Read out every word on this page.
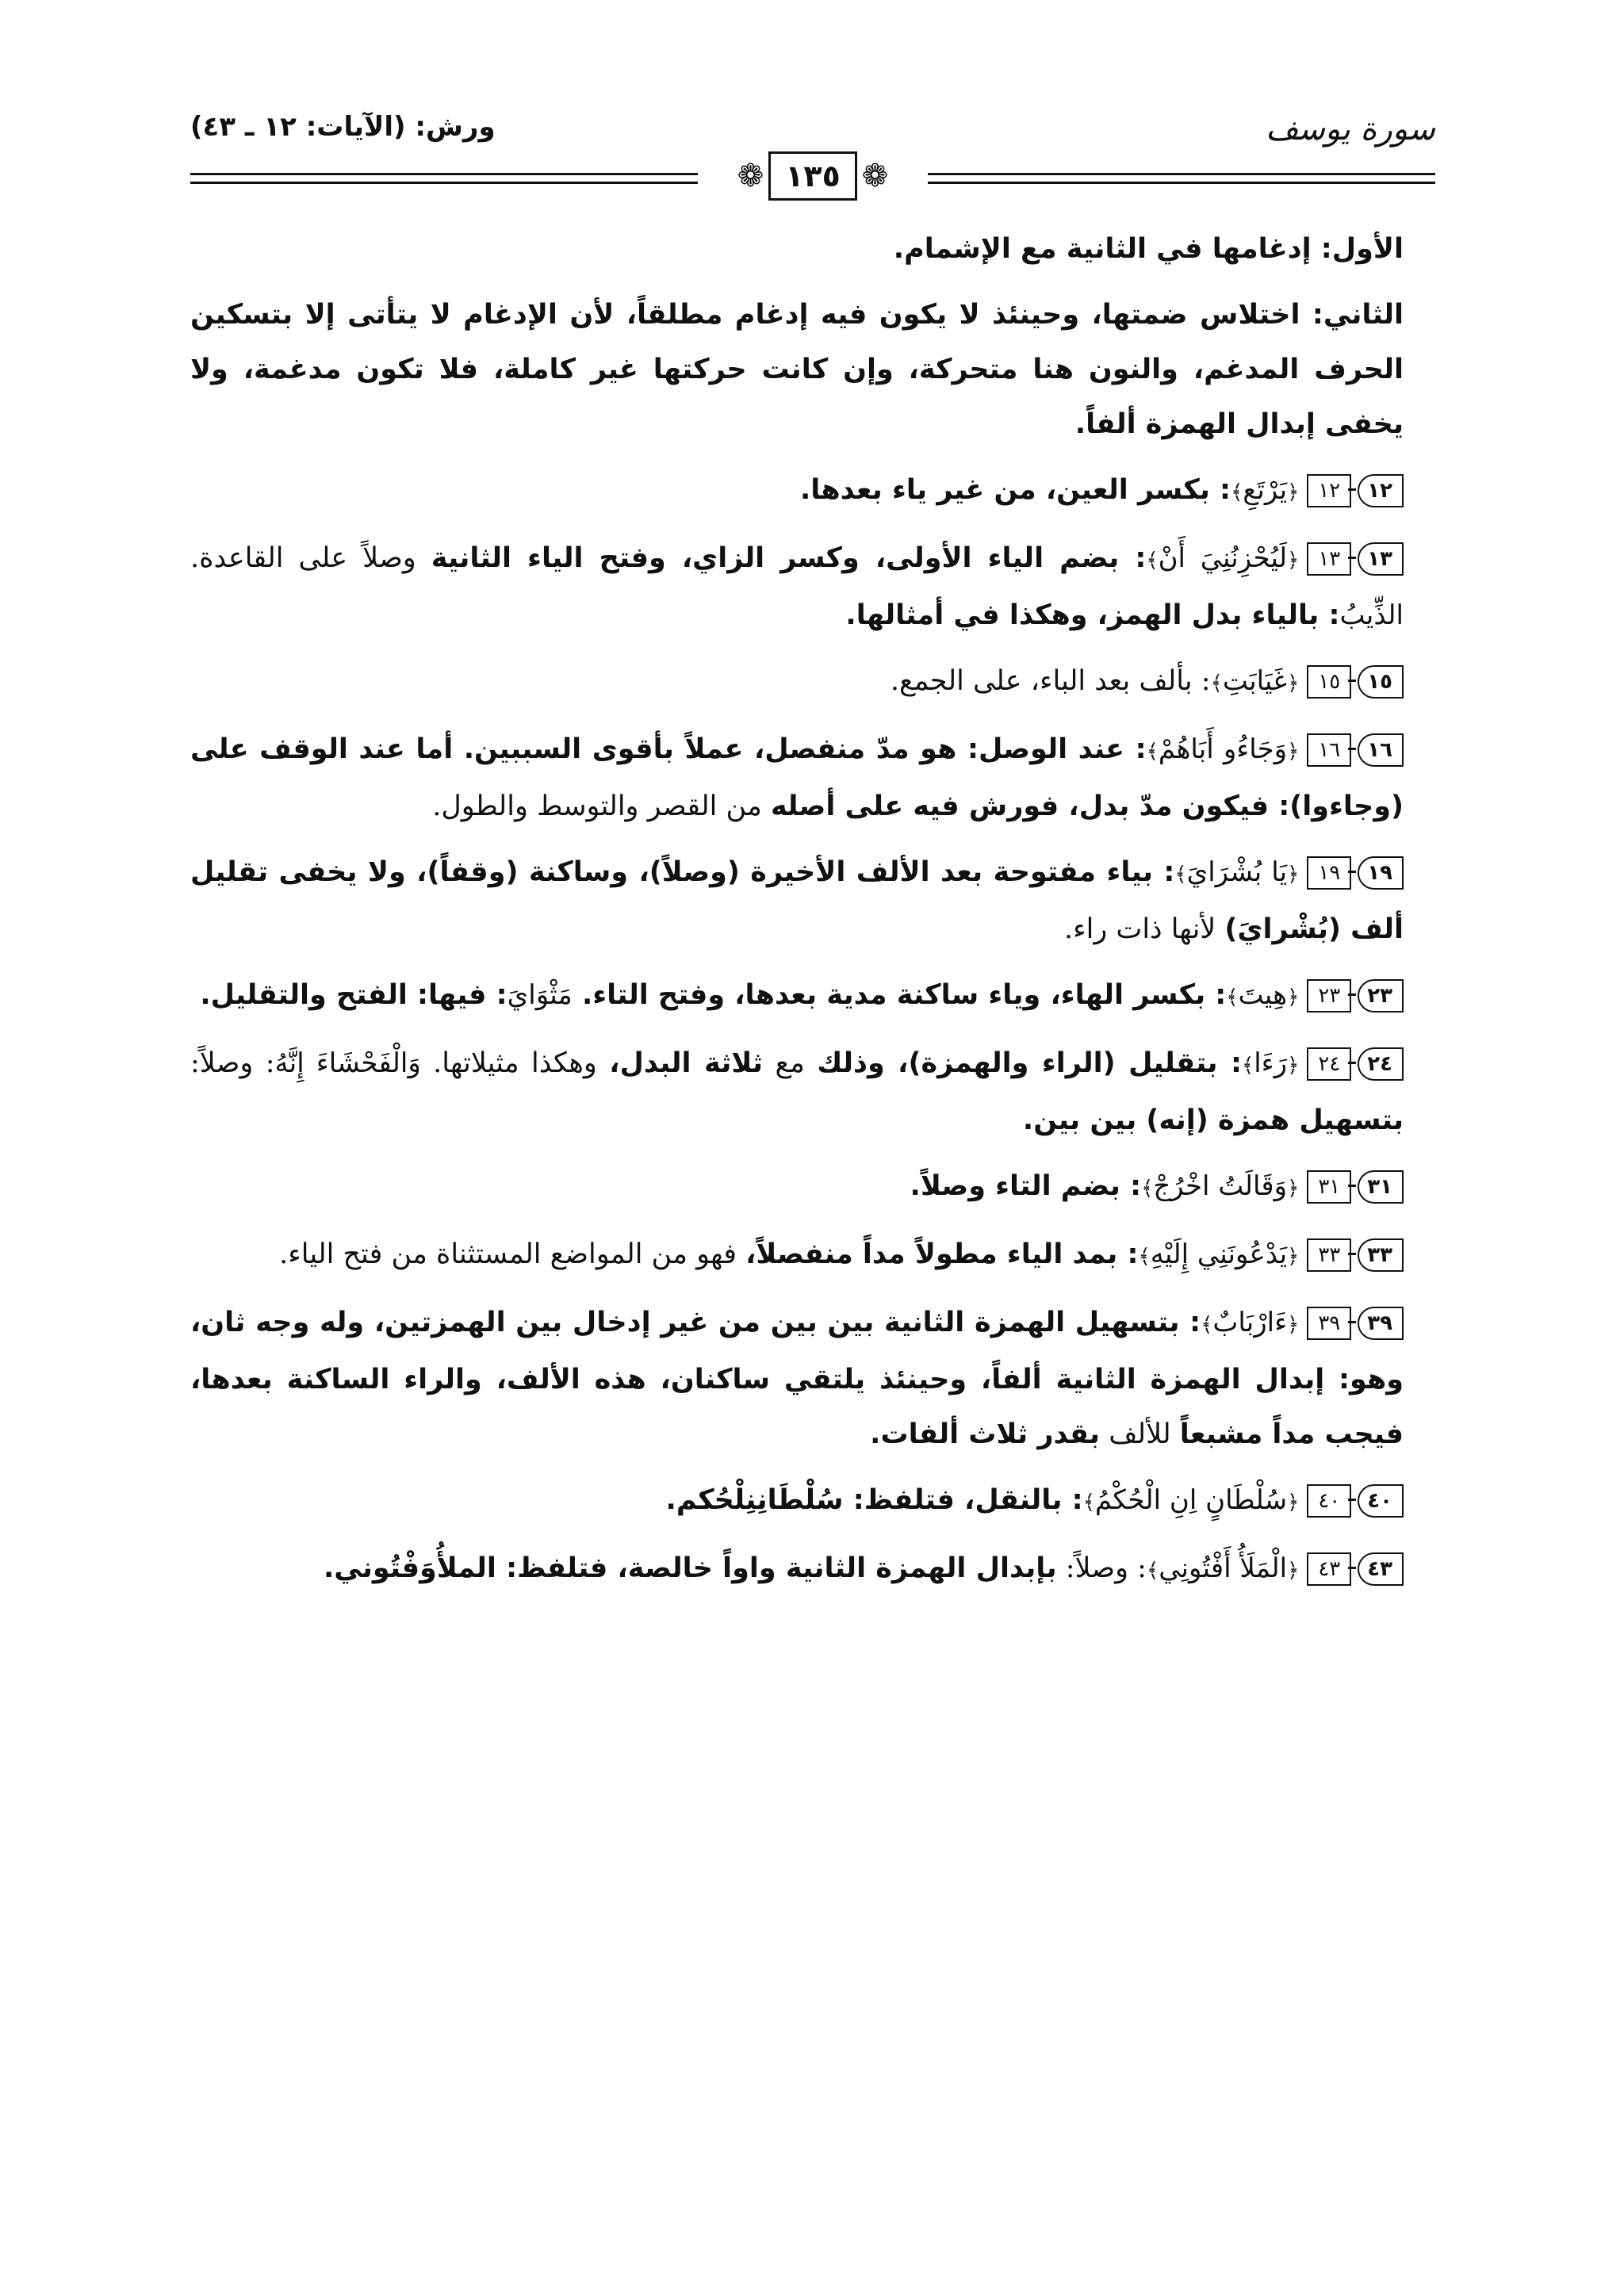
سورة يوسف
ورش: (الآيات: ١٢ ـ ٤٣)
❁
١٣٥
❁

الأول: إدغامها في الثانية مع الإشمام.

الثاني: اختلاس ضمتها، وحينئذ لا يكون فيه إدغام مطلقاً، لأن الإدغام لا يتأتى إلا بتسكين الحرف المدغم، والنون هنا متحركة، وإن كانت حركتها غير كاملة، فلا تكون مدغمة، ولا يخفى إبدال الهمزة ألفاً.

١٢
١٢
﴿يَرْتَعِ﴾: بكسر العين، من غير ياء بعدها.

١٣
١٣
﴿لَيُحْزِنُنِيَ أَنْ﴾: بضم الياء الأولى، وكسر الزاي، وفتح الياء الثانية وصلاً على القاعدة. الذِّيبُ: بالياء بدل الهمز، وهكذا في أمثالها.

١٥
١٥
﴿غَيَابَتِ﴾: بألف بعد الباء، على الجمع.

١٦
١٦
﴿وَجَاءُو أَبَاهُمْ﴾: عند الوصل: هو مدّ منفصل، عملاً بأقوى السببين. أما عند الوقف على (وجاءوا): فيكون مدّ بدل، فورش فيه على أصله من القصر والتوسط والطول.

١٩
١٩
﴿يَا بُشْرَايَ﴾: بياء مفتوحة بعد الألف الأخيرة (وصلاً)، وساكنة (وقفاً)، ولا يخفى تقليل ألف (بُشْرايَ) لأنها ذات راء.

٢٣
٢٣
﴿هِيتَ﴾: بكسر الهاء، وياء ساكنة مدية بعدها، وفتح التاء. مَثْوَايَ: فيها: الفتح والتقليل.

٢٤
٢٤
﴿رَءَا﴾: بتقليل (الراء والهمزة)، وذلك مع ثلاثة البدل، وهكذا مثيلاتها. وَالْفَحْشَاءَ إِنَّهُ: وصلاً: بتسهيل همزة (إنه) بين بين.

٣١
٣١
﴿وَقَالَتُ اخْرُجْ﴾: بضم التاء وصلاً.

٣٣
٣٣
﴿يَدْعُونَنِي إِلَيْهِ﴾: بمد الياء مطولاً مداً منفصلاً، فهو من المواضع المستثناة من فتح الياء.

٣٩
٣٩
﴿ءَارْبَابٌ﴾: بتسهيل الهمزة الثانية بين بين من غير إدخال بين الهمزتين، وله وجه ثان، وهو: إبدال الهمزة الثانية ألفاً، وحينئذ يلتقي ساكنان، هذه الألف، والراء الساكنة بعدها، فيجب مداً مشبعاً للألف بقدر ثلاث ألفات.

٤٠
٤٠
﴿سُلْطَانٍ اِنِ الْحُكْمُ﴾: بالنقل، فتلفظ: سُلْطَانِنِلْحُكم.

٤٣
٤٣
﴿الْمَلَأُ أَفْتُونِي﴾: وصلاً: بإبدال الهمزة الثانية واواً خالصة، فتلفظ: الملأُوَفْتُوني.
